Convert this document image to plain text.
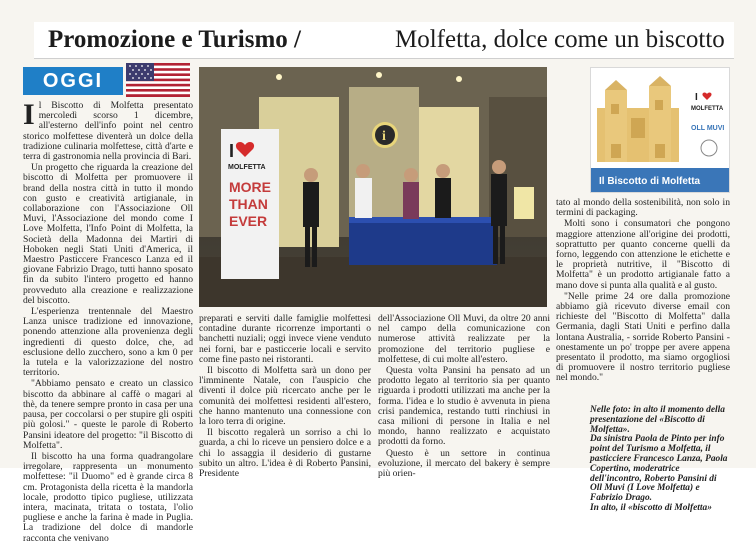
Promozione e Turismo /	Molfetta, dolce come un biscotto
OGGI

Il Biscotto di Molfetta presentato mercoledì scorso 1 dicembre, all'esterno dell'info point nel centro storico molfettese diventerà un dolce della tradizione culinaria molfettese, città d'arte e terra di gastronomia nella provincia di Bari.

Un progetto che riguarda la creazione del biscotto di Molfetta per promuovere il brand della nostra città in tutto il mondo con gusto e creatività artigianale, in collaborazione con l'Associazione Oll Muvi, l'Associazione del mondo come I Love Molfetta, l'Info Point di Molfetta, la Società della Madonna dei Martiri di Hoboken negli Stati Uniti d'America, il Maestro Pasticcere Francesco Lanza ed il giovane Fabrizio Drago, tutti hanno sposato fin da subito l'intero progetto ed hanno provveduto alla creazione e realizzazione del biscotto.

L'esperienza trentennale del Maestro Lanza unisce tradizione ed innovazione, ponendo attenzione alla provenienza degli ingredienti di questo dolce, che, ad esclusione dello zucchero, sono a km 0 per la tutela e la valorizzazione del nostro territorio.

"Abbiamo pensato e creato un classico biscotto da abbinare al caffè o magari al thè, da tenere sempre pronto in casa per una pausa, per coccolarsi o per stupire gli ospiti più golosi." - queste le parole di Roberto Pansini ideatore del progetto: "il Biscotto di Molfetta".

Il biscotto ha una forma quadrangolare irregolare, rappresenta un monumento molfettese: "il Duomo" ed è grande circa 8 cm. Protagonista della ricetta è la mandorla locale, prodotto tipico pugliese, utilizzata intera, macinata, tritata o tostata, l'olio pugliese e anche la farina è made in Puglia. La tradizione del dolce di mandorle racconta che venivano

I
MOLFETTA
MORE
THAN
EVER
i

preparati e serviti dalle famiglie molfettesi contadine durante ricorrenze importanti o banchetti nuziali; oggi invece viene venduto nei forni, bar e pasticcerie locali e servito come fine pasto nei ristoranti.

Il biscotto di Molfetta sarà un dono per l'imminente Natale, con l'auspicio che diventi il dolce più ricercato anche per le comunità dei molfettesi residenti all'estero, che hanno mantenuto una connessione con la loro terra di origine.

Il biscotto regalerà un sorriso a chi lo guarda, a chi lo riceve un pensiero dolce e a chi lo assaggia il desiderio di gustarne subito un altro. L'idea è di Roberto Pansini, Presidente

dell'Associazione Oll Muvi, da oltre 20 anni nel campo della comunicazione con numerose attività realizzate per la promozione del territorio pugliese e molfettese, di cui molte all'estero.

Questa volta Pansini ha pensato ad un prodotto legato al territorio sia per quanto riguarda i prodotti utilizzati ma anche per la forma. l'idea e lo studio è avvenuta in piena crisi pandemica, restando tutti rinchiusi in casa milioni di persone in Italia e nel mondo, hanno realizzato e acquistato prodotti da forno.

Questo è un settore in continua evoluzione, il mercato del bakery è sempre più orien-

I
MOLFETTA
OLL MUVI
Il Biscotto di Molfetta

tato al mondo della sostenibilità, non solo in termini di packaging.

Molti sono i consumatori che pongono maggiore attenzione all'origine dei prodotti, soprattutto per quanto concerne quelli da forno, leggendo con attenzione le etichette e le proprietà nutritive, il "Biscotto di Molfetta" è un prodotto artigianale fatto a mano dove si punta alla qualità e al gusto.

"Nelle prime 24 ore dalla promozione abbiamo già ricevuto diverse email con richieste del "Biscotto di Molfetta" dalla Germania, dagli Stati Uniti e perfino dalla lontana Australia, - sorride Roberto Pansini - onestamente un po' troppe per avere appena presentato il prodotto, ma siamo orgogliosi di promuovere il nostro territorio pugliese nel mondo."

Nelle foto: in alto il momento della presentazione del «Biscotto di Molfetta».

Da sinistra Paola de Pinto per info point del Turismo a Molfetta, il pasticciere Francesco Lanza, Paola Copertino, moderatrice dell'incontro, Roberto Pansini di Oll Muvi (I Love Molfetta) e Fabrizio Drago.

In alto, il «biscotto di Molfetta»
